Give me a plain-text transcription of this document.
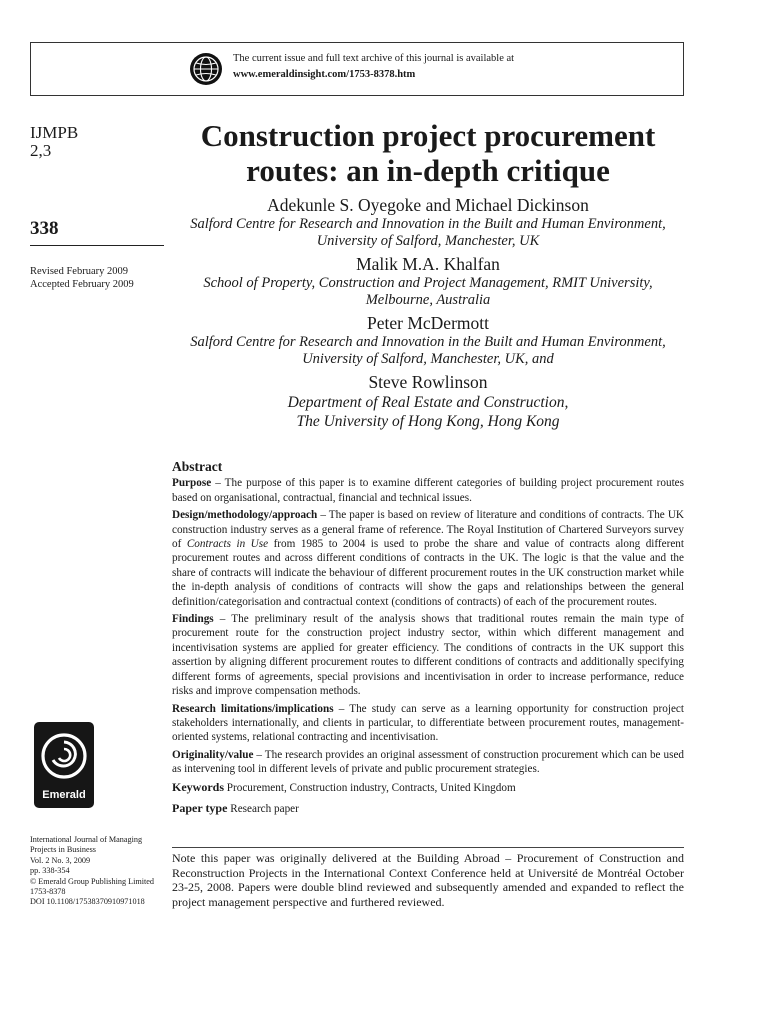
The current issue and full text archive of this journal is available at
www.emeraldinsight.com/1753-8378.htm
IJMPB
2,3
338
Revised February 2009
Accepted February 2009
Construction project procurement
routes: an in-depth critique
Adekunle S. Oyegoke and Michael Dickinson
Salford Centre for Research and Innovation in the Built and Human Environment,
University of Salford, Manchester, UK
Malik M.A. Khalfan
School of Property, Construction and Project Management, RMIT University,
Melbourne, Australia
Peter McDermott
Salford Centre for Research and Innovation in the Built and Human Environment,
University of Salford, Manchester, UK, and
Steve Rowlinson
Department of Real Estate and Construction,
The University of Hong Kong, Hong Kong
Abstract
Purpose – The purpose of this paper is to examine different categories of building project procurement routes based on organisational, contractual, financial and technical issues.
Design/methodology/approach – The paper is based on review of literature and conditions of contracts. The UK construction industry serves as a general frame of reference. The Royal Institution of Chartered Surveyors survey of Contracts in Use from 1985 to 2004 is used to probe the share and value of contracts along different procurement routes and across different conditions of contracts in the UK. The logic is that the value and the share of contracts will indicate the behaviour of different procurement routes in the UK construction market while the in-depth analysis of conditions of contracts will show the gaps and relationships between the general definition/categorisation and contractual context (conditions of contracts) of each of the procurement routes.
Findings – The preliminary result of the analysis shows that traditional routes remain the main type of procurement route for the construction project industry sector, within which different management and incentivisation systems are applied for greater efficiency. The conditions of contracts in the UK support this assertion by aligning different procurement routes to different conditions of contracts and additionally specifying different forms of agreements, special provisions and incentivisation in order to increase performance, reduce risks and improve compensation methods.
Research limitations/implications – The study can serve as a learning opportunity for construction project stakeholders internationally, and clients in particular, to differentiate between procurement routes, management-oriented systems, relational contracting and incentivisation.
Originality/value – The research provides an original assessment of construction procurement which can be used as intervening tool in different levels of private and public procurement strategies.
Keywords Procurement, Construction industry, Contracts, United Kingdom
Paper type Research paper
Note this paper was originally delivered at the Building Abroad – Procurement of Construction and Reconstruction Projects in the International Context Conference held at Université de Montréal October 23-25, 2008. Papers were double blind reviewed and subsequently amended and expanded to reflect the project management perspective and furthered reviewed.
Emerald
International Journal of Managing
Projects in Business
Vol. 2 No. 3, 2009
pp. 338-354
© Emerald Group Publishing Limited
1753-8378
DOI 10.1108/17538370910971018
